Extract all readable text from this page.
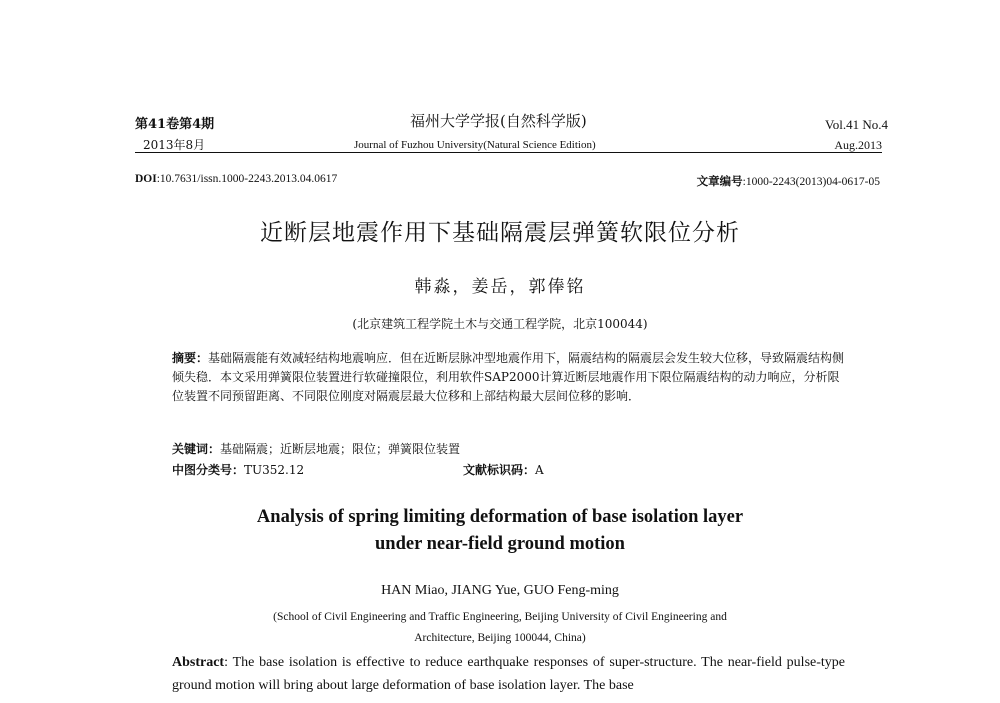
第41卷第4期
2013年8月
福州大学学报(自然科学版)
Journal of Fuzhou University(Natural Science Edition)
Vol.41 No.4
Aug.2013
DOI:10.7631/issn.1000-2243.2013.04.0617	文章编号:1000-2243(2013)04-0617-05
近断层地震作用下基础隔震层弹簧软限位分析
韩淼，姜岳，郭俸铭
(北京建筑工程学院土木与交通工程学院，北京100044)
摘要：基础隔震能有效减轻结构地震响应．但在近断层脉冲型地震作用下，隔震结构的隔震层会发生较大位移，导致隔震结构侧倾失稳．本文采用弹簧限位装置进行软碰撞限位，利用软件SAP2000计算近断层地震作用下限位隔震结构的动力响应，分析限位装置不同预留距离、不同限位刚度对隔震层最大位移和上部结构最大层间位移的影响．
关键词：基础隔震；近断层地震；限位；弹簧限位装置
中图分类号：TU352.12	文献标识码：A
Analysis of spring limiting deformation of base isolation layer
under near-field ground motion
HAN Miao, JIANG Yue, GUO Feng-ming
(School of Civil Engineering and Traffic Engineering, Beijing University of Civil Engineering and
Architecture, Beijing 100044, China)
Abstract: The base isolation is effective to reduce earthquake responses of super-structure. The near-field pulse-type ground motion will bring about large deformation of base isolation layer. The base
